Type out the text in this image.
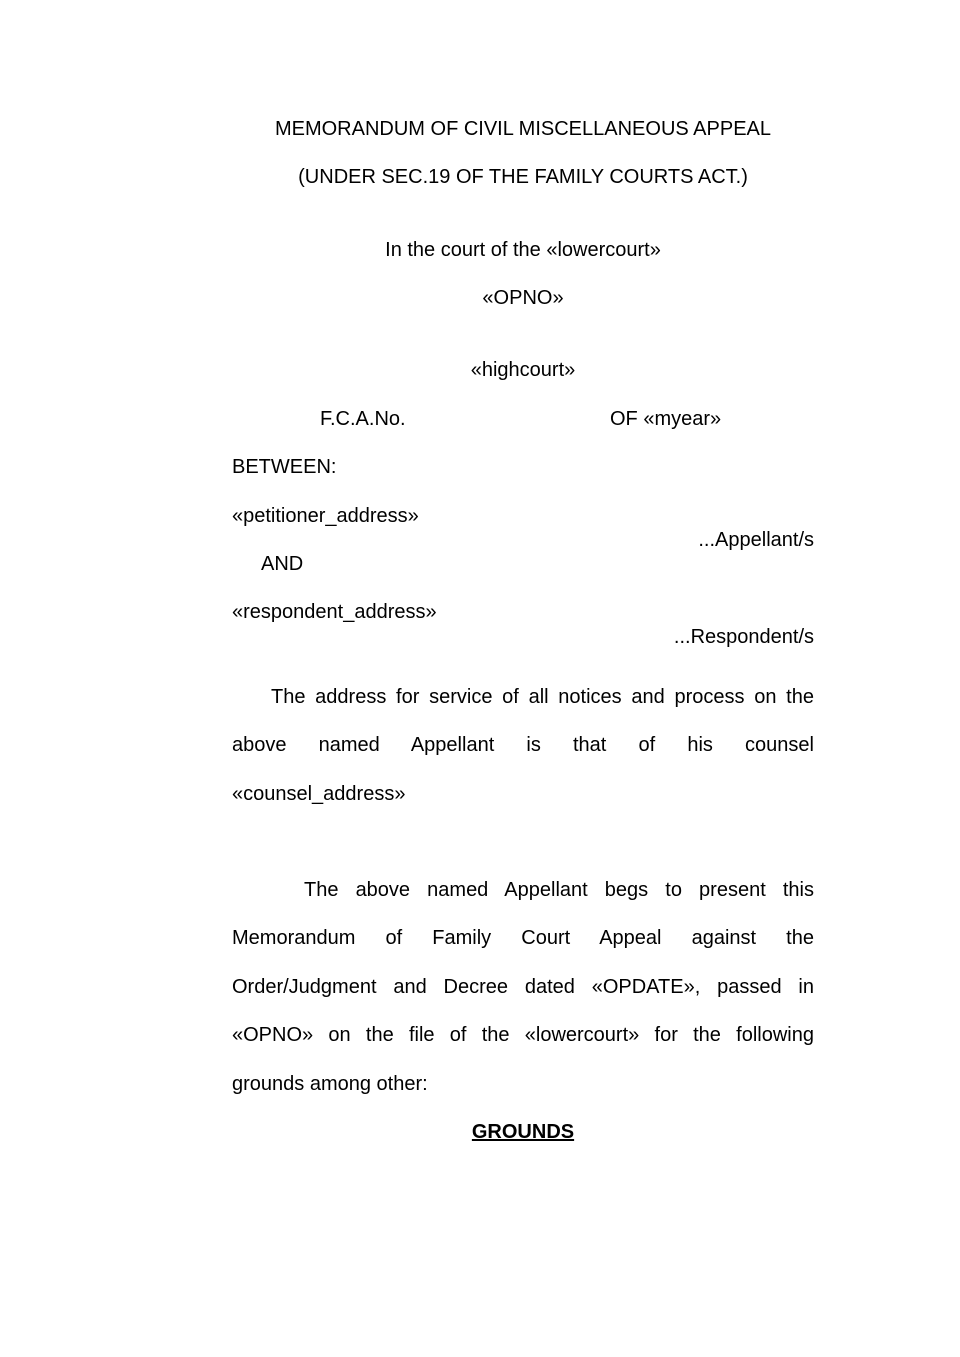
MEMORANDUM OF CIVIL MISCELLANEOUS APPEAL
(UNDER SEC.19 OF THE FAMILY COURTS ACT.)
In the court of the «lowercourt»
«OPNO»
«highcourt»
F.C.A.No.	OF «myear»
BETWEEN:
«petitioner_address»
...Appellant/s
AND
«respondent_address»
...Respondent/s
The address for service of all notices and process on the
above named Appellant is that of his counsel
«counsel_address»
The above named Appellant begs to present this
Memorandum of Family Court Appeal against the
Order/Judgment and Decree dated «OPDATE», passed in
«OPNO» on the file of the «lowercourt» for the following
grounds among other:
GROUNDS
